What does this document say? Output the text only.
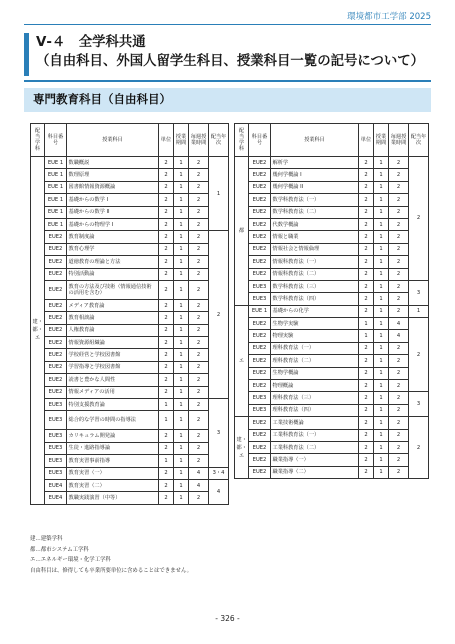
環境都市工学部 2025
Ⅴ-４　全学科共通
（自由科目、外国人留学生科目、授業科目一覧の記号について）
専門教育科目（自由科目）
配当学科	科目番号	授業科目	単位	授業期間	毎週授業時間	配当年次
建・都・エ	EUE 1	数職概説	2	1	2	1
	EUE 1	数理原理	2	1	2	
	EUE 1	図書館情報資源概論	2	1	2	
	EUE 1	基礎からの数学 I	2	1	2	
	EUE 1	基礎からの数学 II	2	1	2	
	EUE 1	基礎からの物理学 I	2	1	2	
	EUE2	教育制度論	2	1	2	2
	EUE2	教育心理学	2	1	2	
	EUE2	道徳教育の理論と方法	2	1	2	
	EUE2	特別活動論	2	1	2	
	EUE2	教育の方法及び技術（情報通信技術の活用を含む）	2	1	2	
	EUE2	メディア教育論	2	1	2	
	EUE2	教育相談論	2	1	2	
	EUE2	人権教育論	2	1	2	
	EUE2	情報資源組織論	2	1	2	
	EUE2	学校経営と学校図書館	2	1	2	
	EUE2	学習指導と学校図書館	2	1	2	
	EUE2	読書と豊かな人間性	2	1	2	
	EUE2	情報メディアの活用	2	1	2	
	EUE3	特別支援教育論	1	1	2	3
	EUE3	総合的な学習の時間の指導法	1	1	2	
	EUE3	カリキュラム開発論	2	1	2	
	EUE3	生徒・進路指導論	2	1	2	
	EUE3	教育実習事前指導	1	1	2	
	EUE3	教育実習（一）	2	1	4	3・4
	EUE4	教育実習（二）	2	1	4	4
	EUE4	教職実践演習（中等）	2	1	2	
配当学科	科目番号	授業科目	単位	授業期間	毎週授業時間	配当年次
都	EUE2	解析学	2	1	2	2
	EUE2	幾何学概論 I	2	1	2	
	EUE2	幾何学概論 II	2	1	2	
	EUE2	数学科教育法（一）	2	1	2	
	EUE2	数学科教育法（二）	2	1	2	
	EUE2	代数学概論	2	1	2	
	EUE2	情報と職業	2	1	2	
	EUE2	情報社会と情報倫理	2	1	2	
	EUE2	情報科教育法（一）	2	1	2	
	EUE2	情報科教育法（二）	2	1	2	
	EUE3	数学科教育法（三）	2	1	2	3
	EUE3	数学科教育法（四）	2	1	2	
エ	EUE 1	基礎からの化学	2	1	2	1
	EUE2	生物学実験	1	1	4	2
	EUE2	物理実験	1	1	4	
	EUE2	理科教育法（一）	2	1	2	
	EUE2	理科教育法（二）	2	1	2	
	EUE2	生物学概論	2	1	2	
	EUE2	物理概論	2	1	2	
	EUE3	理科教育法（三）	2	1	2	3
	EUE3	理科教育法（四）	2	1	2	
建・都・エ	EUE2	工業技術概論	2	1	2	2
	EUE2	工業科教育法（一）	2	1	2	
	EUE2	工業科教育法（二）	2	1	2	
	EUE2	職業指導（一）	2	1	2	
	EUE2	職業指導（二）	2	1	2	
建…建築学科
都…都市システム工学科
エ…エネルギー環境・化学工学科
自由科目は、修得しても卒業所要単位に含めることはできません。
- 326 -
